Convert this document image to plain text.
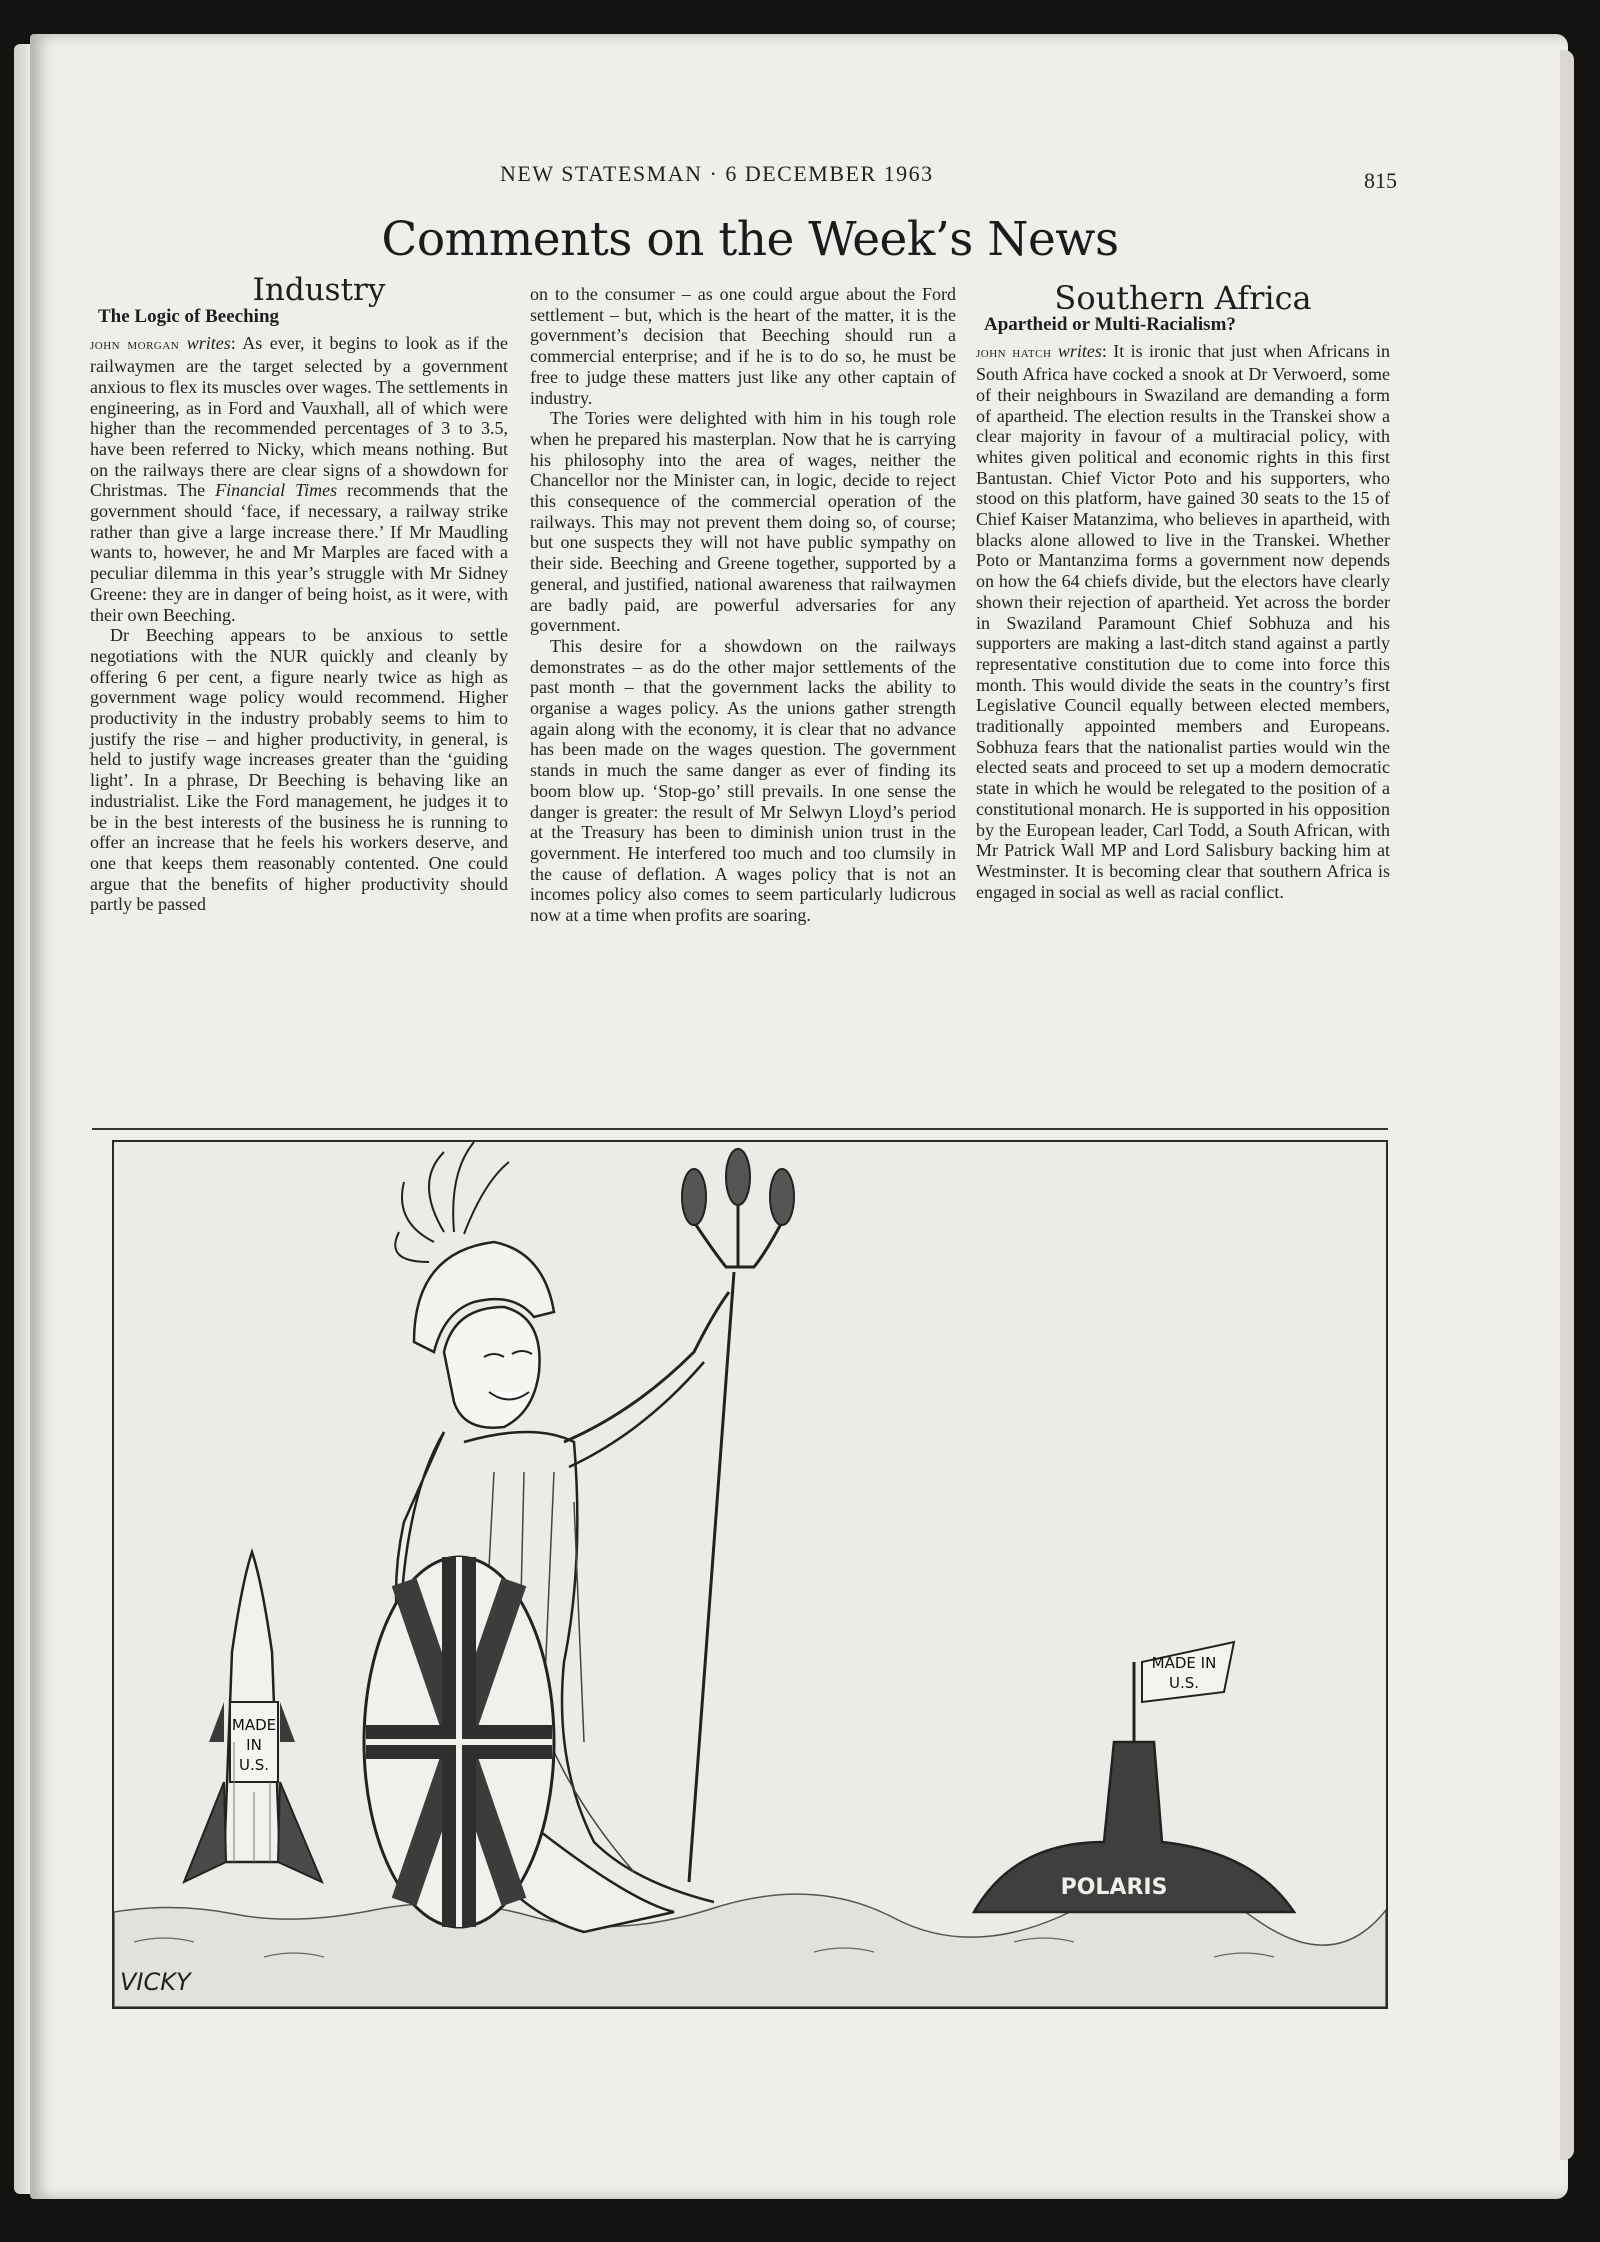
NEW STATESMAN · 6 DECEMBER 1963	815
Comments on the Week’s News
Industry
The Logic of Beeching

john morgan writes: As ever, it begins to look as if the railwaymen are the target selected by a government anxious to flex its muscles over wages. The settlements in engineering, as in Ford and Vauxhall, all of which were higher than the recommended percentages of 3 to 3.5, have been referred to Nicky, which means nothing. But on the railways there are clear signs of a showdown for Christmas. The Financial Times recommends that the government should ‘face, if necessary, a railway strike rather than give a large increase there.’ If Mr Maudling wants to, however, he and Mr Marples are faced with a peculiar dilemma in this year’s struggle with Mr Sidney Greene: they are in danger of being hoist, as it were, with their own Beeching.

Dr Beeching appears to be anxious to settle negotiations with the NUR quickly and cleanly by offering 6 per cent, a figure nearly twice as high as government wage policy would recommend. Higher productivity in the industry probably seems to him to justify the rise – and higher productivity, in general, is held to justify wage increases greater than the ‘guiding light’. In a phrase, Dr Beeching is behaving like an industrialist. Like the Ford management, he judges it to be in the best interests of the business he is running to offer an increase that he feels his workers deserve, and one that keeps them reasonably contented. One could argue that the benefits of higher productivity should partly be passed

on to the consumer – as one could argue about the Ford settlement – but, which is the heart of the matter, it is the government’s decision that Beeching should run a commercial enterprise; and if he is to do so, he must be free to judge these matters just like any other captain of industry.

The Tories were delighted with him in his tough role when he prepared his masterplan. Now that he is carrying his philosophy into the area of wages, neither the Chancellor nor the Minister can, in logic, decide to reject this consequence of the commercial operation of the railways. This may not prevent them doing so, of course; but one suspects they will not have public sympathy on their side. Beeching and Greene together, supported by a general, and justified, national awareness that railwaymen are badly paid, are powerful adversaries for any government.

This desire for a showdown on the railways demonstrates – as do the other major settlements of the past month – that the government lacks the ability to organise a wages policy. As the unions gather strength again along with the economy, it is clear that no advance has been made on the wages question. The government stands in much the same danger as ever of finding its boom blow up. ‘Stop-go’ still prevails. In one sense the danger is greater: the result of Mr Selwyn Lloyd’s period at the Treasury has been to diminish union trust in the government. He interfered too much and too clumsily in the cause of deflation. A wages policy that is not an incomes policy also comes to seem particularly ludicrous now at a time when profits are soaring.

Southern Africa
Apartheid or Multi-Racialism?

john hatch writes: It is ironic that just when Africans in South Africa have cocked a snook at Dr Verwoerd, some of their neighbours in Swaziland are demanding a form of apartheid. The election results in the Transkei show a clear majority in favour of a multiracial policy, with whites given political and economic rights in this first Bantustan. Chief Victor Poto and his supporters, who stood on this platform, have gained 30 seats to the 15 of Chief Kaiser Matanzima, who believes in apartheid, with blacks alone allowed to live in the Transkei. Whether Poto or Mantanzima forms a government now depends on how the 64 chiefs divide, but the electors have clearly shown their rejection of apartheid. Yet across the border in Swaziland Paramount Chief Sobhuza and his supporters are making a last-ditch stand against a partly representative constitution due to come into force this month. This would divide the seats in the country’s first Legislative Council equally between elected members, traditionally appointed members and Europeans. Sobhuza fears that the nationalist parties would win the elected seats and proceed to set up a modern democratic state in which he would be relegated to the position of a constitutional monarch. He is supported in his opposition by the European leader, Carl Todd, a South African, with Mr Patrick Wall MP and Lord Salisbury backing him at Westminster. It is becoming clear that southern Africa is engaged in social as well as racial conflict.

MADE
IN
U.S.
MADE IN
U.S.
POLARIS
VICKY
